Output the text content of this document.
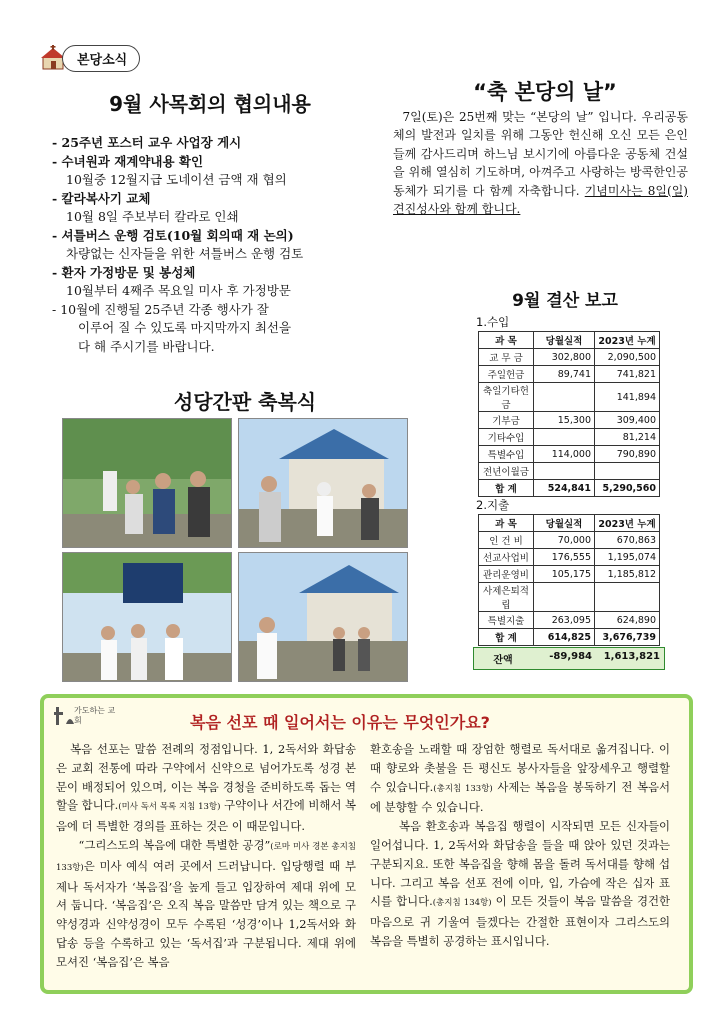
본당소식
9월 사목회의 협의내용
- 25주년 포스터 교우 사업장 게시
- 수녀원과 재계약내용 확인
10월중 12월지급 도네이션 금액 재 협의
- 칼라복사기 교체
10월 8일 주보부터 칼라로 인쇄
- 셔틀버스 운행 검토(10월 회의때 재 논의)
차량없는 신자들을 위한 셔틀버스 운행 검토
- 환자 가정방문 및 봉성체
10월부터 4째주 목요일 미사 후 가정방문
- 10월에 진행될 25주년 각종 행사가 잘
이루어 질 수 있도록 마지막까지 최선을
다 해 주시기를 바랍니다.
“축 본당의 날”
7일(토)은 25번째 맞는 “본당의 날” 입니다. 우리공동체의 발전과 일치를 위해 그동안 헌신해 오신 모든 은인들께 감사드리며 하느님 보시기에 아름다운 공동체 건설을 위해 열심히 기도하며, 아껴주고 사랑하는 방콕한인공동체가 되기를 다 함께 자축합니다. 기념미사는 8일(일) 견진성사와 함께 합니다.
성당간판 축복식
9월 결산 보고
1.수입
과 목	당월실적	2023년 누계
교 무 금	302,800	2,090,500
주일헌금	89,741	741,821
축일기타헌금		141,894
기부금	15,300	309,400
기타수입		81,214
특별수입	114,000	790,890
전년이월금		
합 계	524,841	5,290,560
2.지출
과 목	당월실적	2023년 누계
인 건 비	70,000	670,863
선교사업비	176,555	1,195,074
관리운영비	105,175	1,185,812
사제은퇴적립		
특별지출	263,095	624,890
합 계	614,825	3,676,739
잔액	-89,984	1,613,821
가도하는 교회	복음 선포 때 일어서는 이유는 무엇인가요?
복음 선포는 말씀 전례의 정점입니다. 1, 2독서와 화답송은 교회 전통에 따라 구약에서 신약으로 넘어가도록 성경 본문이 배정되어 있으며, 이는 복음 경청을 준비하도록 돕는 역할을 합니다.(미사 독서 목록 지침 13항) 구약이나 서간에 비해서 복음에 더 특별한 경의를 표하는 것은 이 때문입니다.
“그리스도의 복음에 대한 특별한 공경”(로마 미사 경본 총지침 133항)은 미사 예식 여러 곳에서 드러납니다. 입당행렬 때 부제나 독서자가 ‘복음집’을 높게 들고 입장하여 제대 위에 모셔 둡니다. ‘복음집’은 오직 복음 말씀만 담겨 있는 책으로 구약성경과 신약성경이 모두 수록된 ‘성경’이나 1,2독서와 화답송 등을 수록하고 있는 ‘독서집’과 구분됩니다. 제대 위에 모셔진 ‘복음집’은 복음
환호송을 노래할 때 장엄한 행렬로 독서대로 옮겨집니다. 이때 향로와 촛불을 든 평신도 봉사자들을 앞장세우고 행렬할 수 있습니다.(총지침 133항) 사제는 복음을 봉독하기 전 복음서에 분향할 수 있습니다.
복음 환호송과 복음집 행렬이 시작되면 모든 신자들이 일어섭니다. 1, 2독서와 화답송을 들을 때 앉아 있던 것과는 구분되지요. 또한 복음집을 향해 몸을 돌려 독서대를 향해 섭니다. 그리고 복음 선포 전에 이마, 입, 가슴에 작은 십자 표시를 합니다.(총지침 134항) 이 모든 것들이 복음 말씀을 경건한 마음으로 귀 기울여 들겠다는 간절한 표현이자 그리스도의 복음을 특별히 공경하는 표시입니다.
